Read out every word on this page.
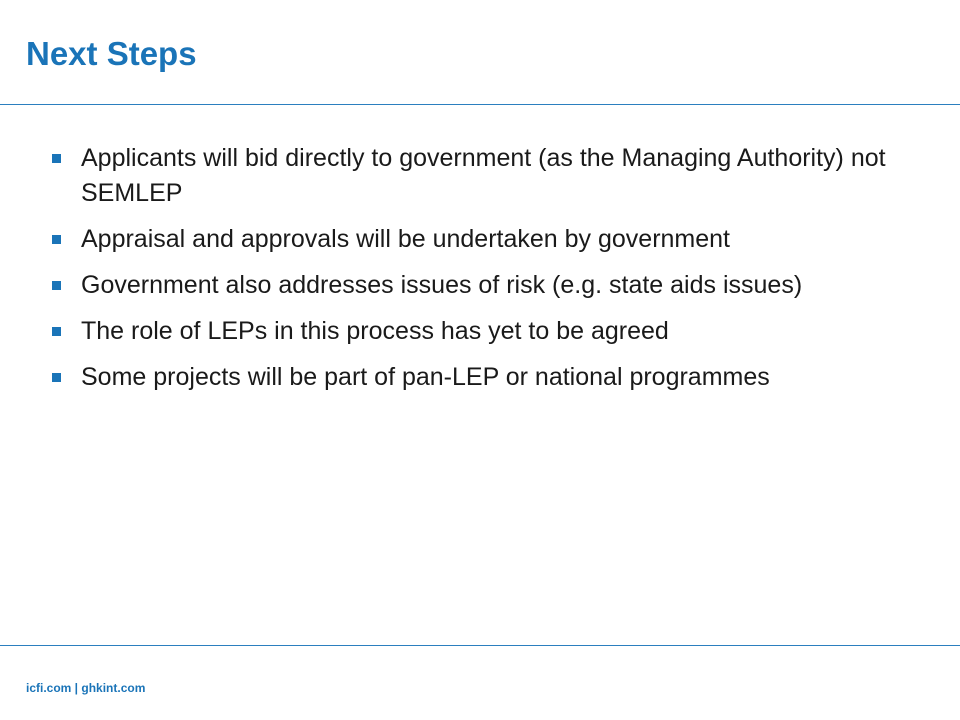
Next Steps
Applicants will bid directly to government (as the Managing Authority) not SEMLEP
Appraisal and approvals will be undertaken by government
Government also addresses issues of risk (e.g. state aids issues)
The role of LEPs in this process has yet to be agreed
Some projects will be part of pan-LEP or national programmes
icfi.com | ghkint.com
